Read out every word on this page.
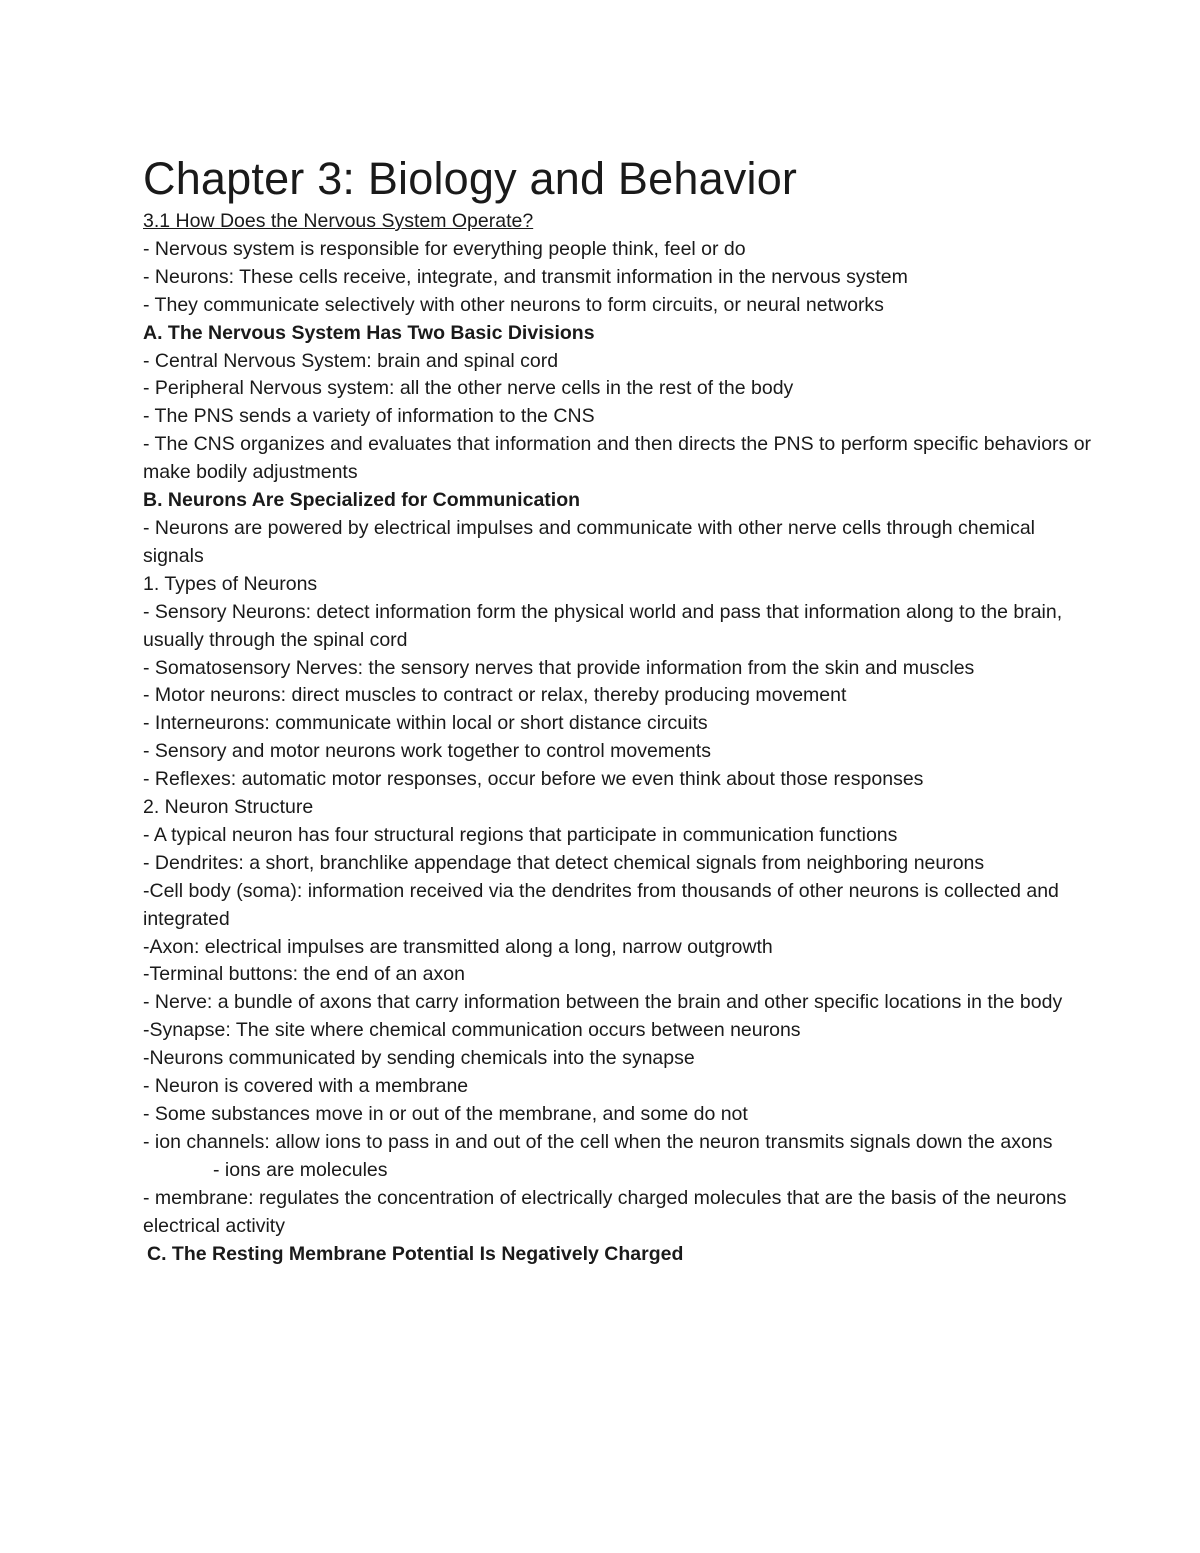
Chapter 3: Biology and Behavior

3.1 How Does the Nervous System Operate?

- Nervous system is responsible for everything people think, feel or do

- Neurons: These cells receive, integrate, and transmit information in the nervous system

- They communicate selectively with other neurons to form circuits, or neural networks

A. The Nervous System Has Two Basic Divisions

- Central Nervous System: brain and spinal cord

- Peripheral Nervous system: all the other nerve cells in the rest of the body

- The PNS sends a variety of information to the CNS

- The CNS organizes and evaluates that information and then directs the PNS to perform specific behaviors or make bodily adjustments

B. Neurons Are Specialized for Communication

- Neurons are powered by electrical impulses and communicate with other nerve cells through chemical signals

1. Types of Neurons

- Sensory Neurons: detect information form the physical world and pass that information along to the brain, usually through the spinal cord

- Somatosensory Nerves: the sensory nerves that provide information from the skin and muscles

- Motor neurons: direct muscles to contract or relax, thereby producing movement

- Interneurons: communicate within local or short distance circuits

- Sensory and motor neurons work together to control movements

- Reflexes: automatic motor responses, occur before we even think about those responses

2. Neuron Structure

- A typical neuron has four structural regions that participate in communication functions

- Dendrites: a short, branchlike appendage that detect chemical signals from neighboring neurons

-Cell body (soma): information received via the dendrites from thousands of other neurons is collected and integrated

-Axon: electrical impulses are transmitted along a long, narrow outgrowth

-Terminal buttons: the end of an axon

- Nerve: a bundle of axons that carry information between the brain and other specific locations in the body

-Synapse: The site where chemical communication occurs between neurons

-Neurons communicated by sending chemicals into the synapse

- Neuron is covered with a membrane

- Some substances move in or out of the membrane, and some do not

- ion channels: allow ions to pass in and out of the cell when the neuron transmits signals down the axons

- ions are molecules

- membrane: regulates the concentration of electrically charged molecules that are the basis of the neurons electrical activity

C. The Resting Membrane Potential Is Negatively Charged
